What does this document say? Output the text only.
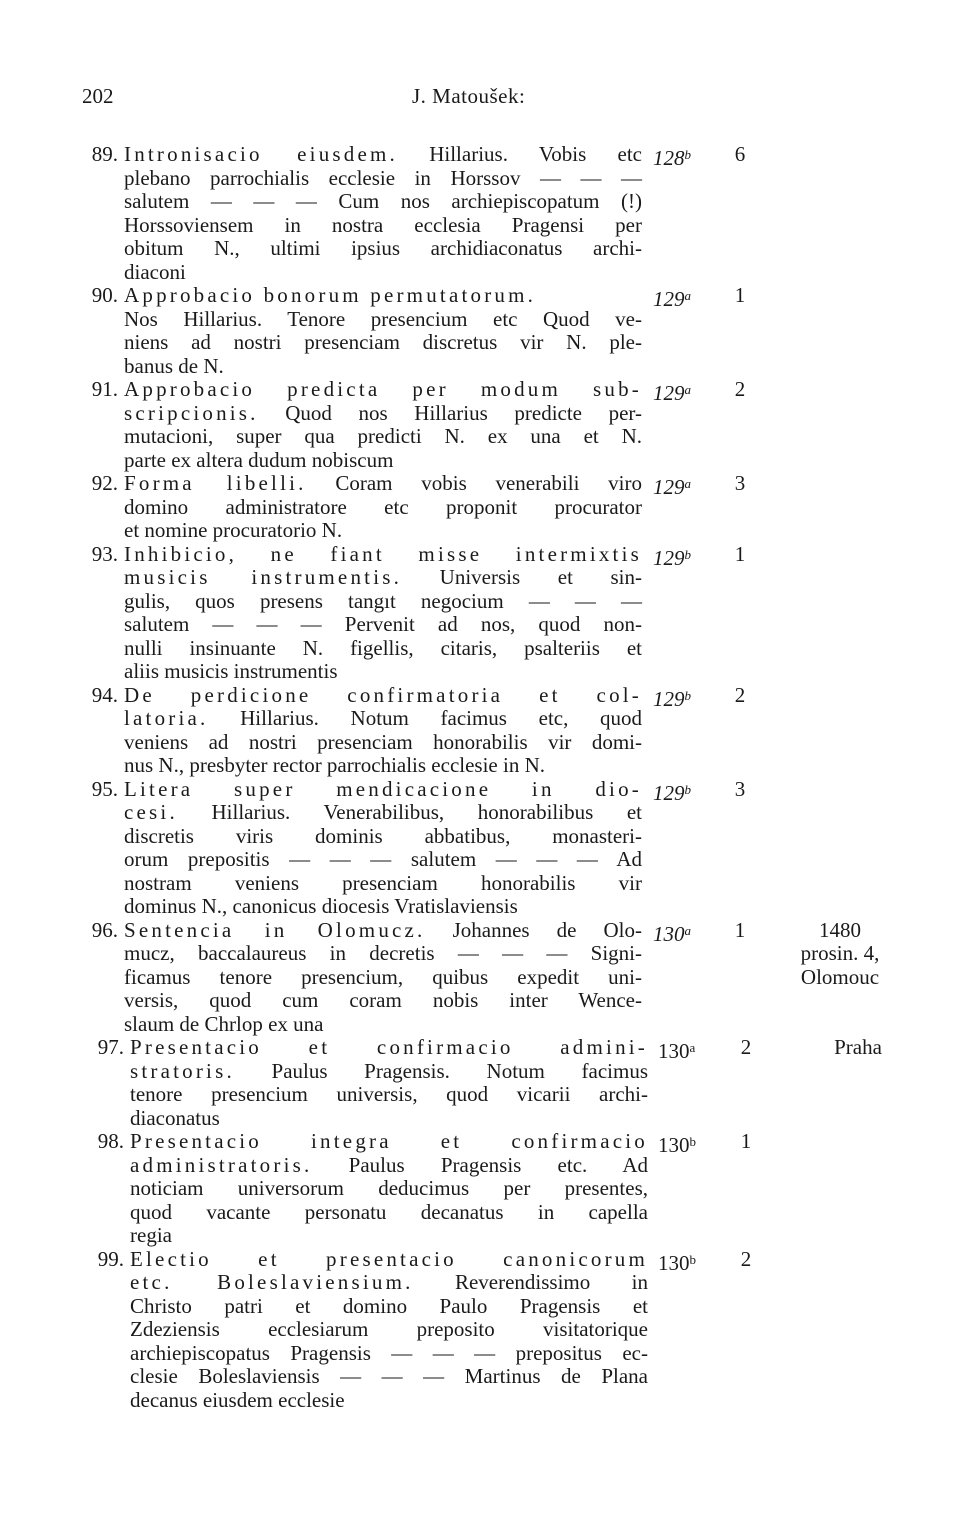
202	J. Matoušek:
89. Intronisacio eiusdem. Hillarius. Vobis etc
plebano parrochialis ecclesie in Horssov — — —
salutem — — — Cum nos archiepiscopatum (!)
Horssoviensem in nostra ecclesia Pragensi per
obitum N., ultimi ipsius archidiaconatus archi-
diaconi
128$^b$	6
90. Approbacio bonorum permutatorum.
Nos Hillarius. Tenore presencium etc Quod ve-
niens ad nostri presenciam discretus vir N. ple-
banus de N.
129$^a$	1
91. Approbacio predicta per modum sub-
scripcionis. Quod nos Hillarius predicte per-
mutacioni, super qua predicti N. ex una et N.
parte ex altera dudum nobiscum
129$^a$	2
92. Forma libelli. Coram vobis venerabili viro
domino administratore etc proponit procurator
et nomine procuratorio N.
129$^a$	3
93. Inhibicio, ne fiant misse intermixtis
musicis instrumentis. Universis et sin-
gulis, quos presens tangıt negocium — — —
salutem — — — Pervenit ad nos, quod non-
nulli insinuante N. figellis, citaris, psalteriis et
aliis musicis instrumentis
129$^b$	1
94. De perdicione confirmatoria et col-
latoria. Hillarius. Notum facimus etc, quod
veniens ad nostri presenciam honorabilis vir domi-
nus N., presbyter rector parrochialis ecclesie in N.
129$^b$	2
95. Litera super mendicacione in dio-
cesi. Hillarius. Venerabilibus, honorabilibus et
discretis viris dominis abbatibus, monasteri-
orum prepositis — — — salutem — — — Ad
nostram veniens presenciam honorabilis vir
dominus N., canonicus diocesis Vratislaviensis
129$^b$	3
96. Sentencia in Olomucz. Johannes de Olo-
mucz, baccalaureus in decretis — — — Signi-
ficamus tenore presencium, quibus expedit uni-
versis, quod cum coram nobis inter Wence-
slaum de Chrlop ex una
130$^a$	1	1480
prosin. 4,
Olomouc
97. Presentacio et confirmacio admini-
stratoris. Paulus Pragensis. Notum facimus
tenore presencium universis, quod vicarii archi-
diaconatus
130$^a$	2	Praha
98. Presentacio integra et confirmacio
administratoris. Paulus Pragensis etc. Ad
noticiam universorum deducimus per presentes,
quod vacante personatu decanatus in capella
regia
130$^b$	1
99. Electio et presentacio canonicorum
etc. Boleslaviensium. Reverendissimo in
Christo patri et domino Paulo Pragensis et
Zdeziensis ecclesiarum preposito visitatorique
archiepiscopatus Pragensis — — — prepositus ec-
clesie Boleslaviensis — — — Martinus de Plana
decanus eiusdem ecclesie
130$^b$	2
